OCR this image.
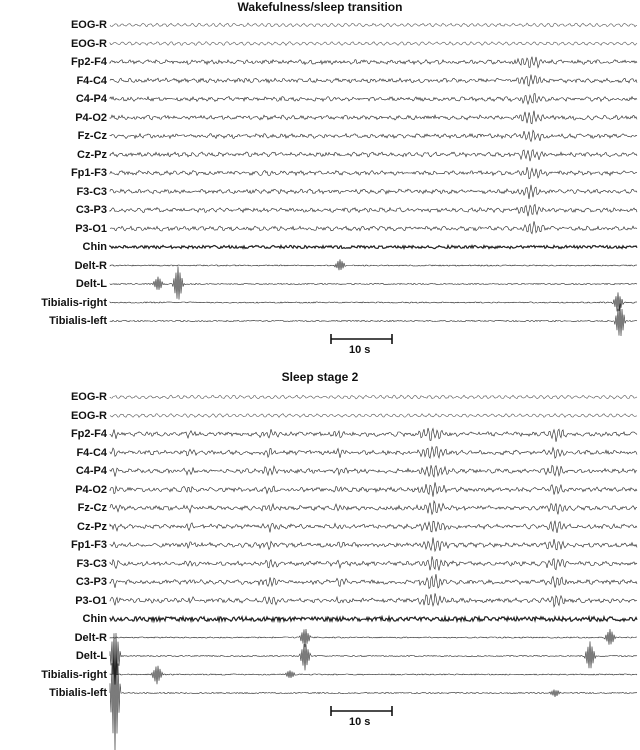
Wakefulness/sleep transition
EOG-R
EOG-R
Fp2-F4
F4-C4
C4-P4
P4-O2
Fz-Cz
Cz-Pz
Fp1-F3
F3-C3
C3-P3
P3-O1
Chin
Delt-R
Delt-L
Tibialis-right
Tibialis-left
10 s
Sleep stage 2
EOG-R
EOG-R
Fp2-F4
F4-C4
C4-P4
P4-O2
Fz-Cz
Cz-Pz
Fp1-F3
F3-C3
C3-P3
P3-O1
Chin
Delt-R
Delt-L
Tibialis-right
Tibialis-left
10 s
